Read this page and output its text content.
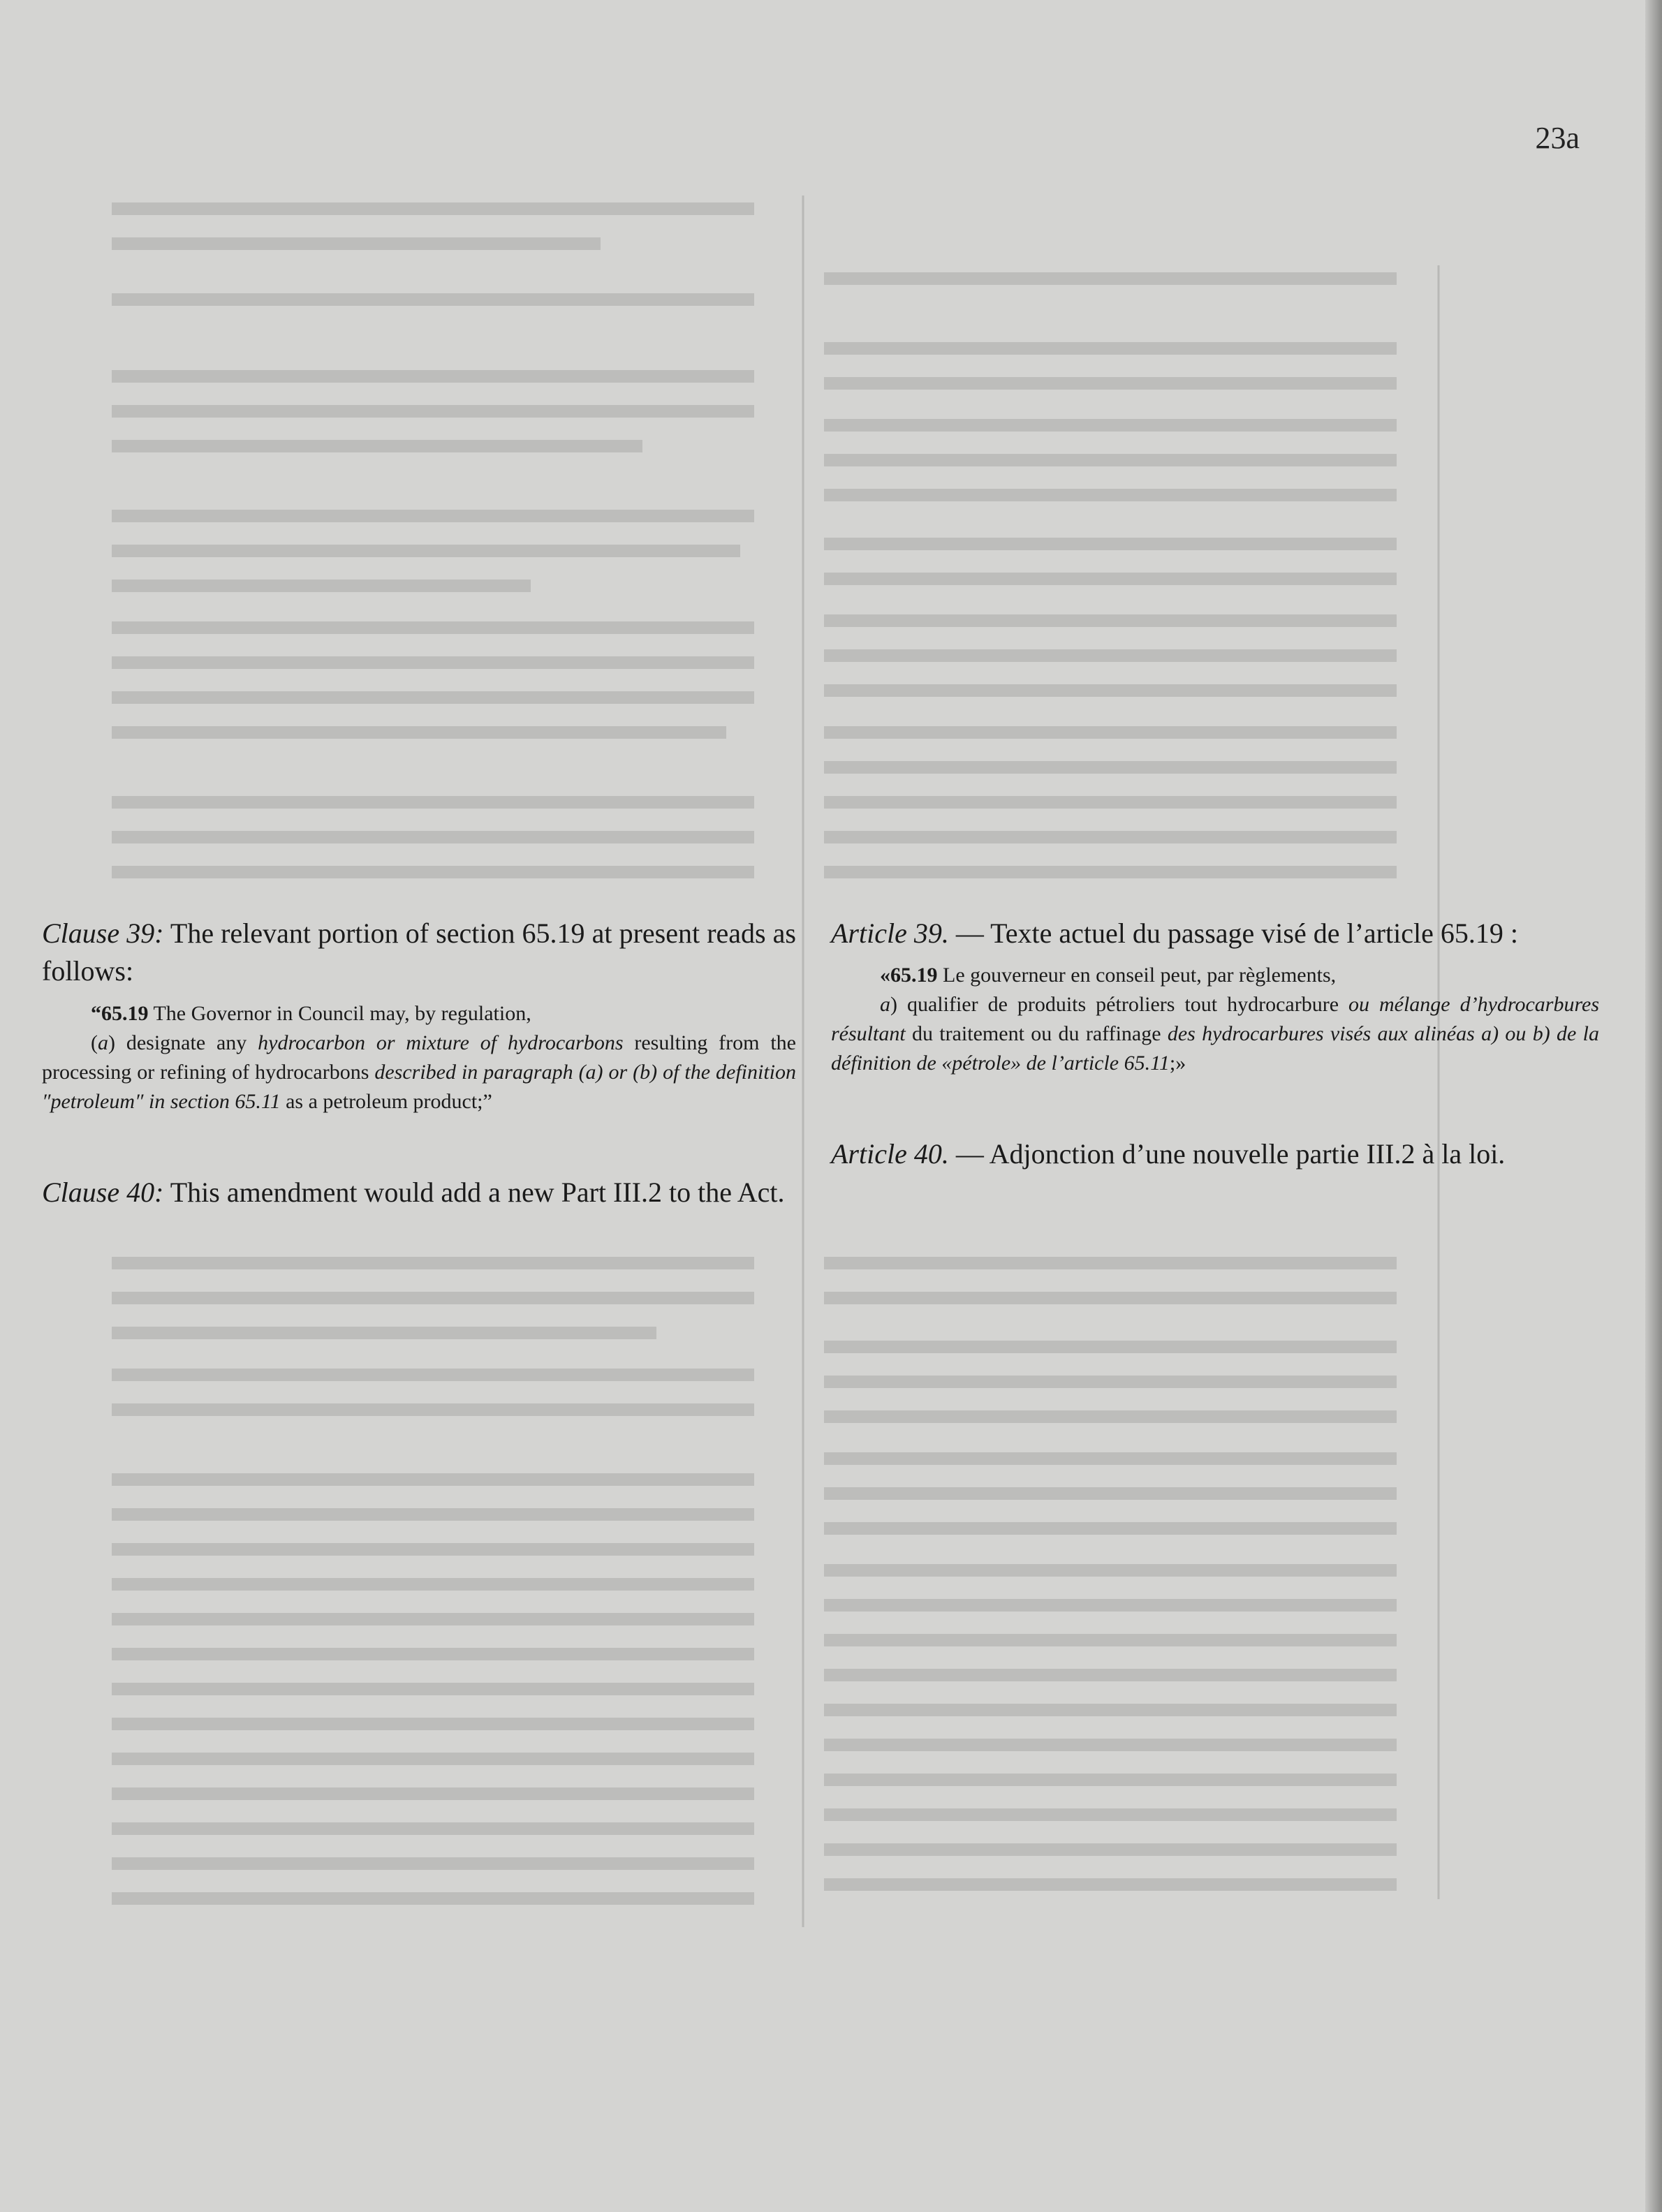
23a

Clause 39: The relevant portion of section 65.19 at present reads as follows:

“65.19 The Governor in Council may, by regulation,
(a) designate any hydrocarbon or mixture of hydrocarbons resulting from the processing or refining of hydrocarbons described in paragraph (a) or (b) of the definition ″petroleum″ in section 65.11 as a petroleum product;”

Clause 40: This amendment would add a new Part III.2 to the Act.

Article 39. — Texte actuel du passage visé de l’article 65.19 :

«65.19 Le gouverneur en conseil peut, par règlements,
a) qualifier de produits pétroliers tout hydrocarbure ou mélange d’hydrocarbures résultant du traitement ou du raffinage des hydrocarbures visés aux alinéas a) ou b) de la définition de «pétrole» de l’article 65.11;»

Article 40. — Adjonction d’une nouvelle partie III.2 à la loi.
